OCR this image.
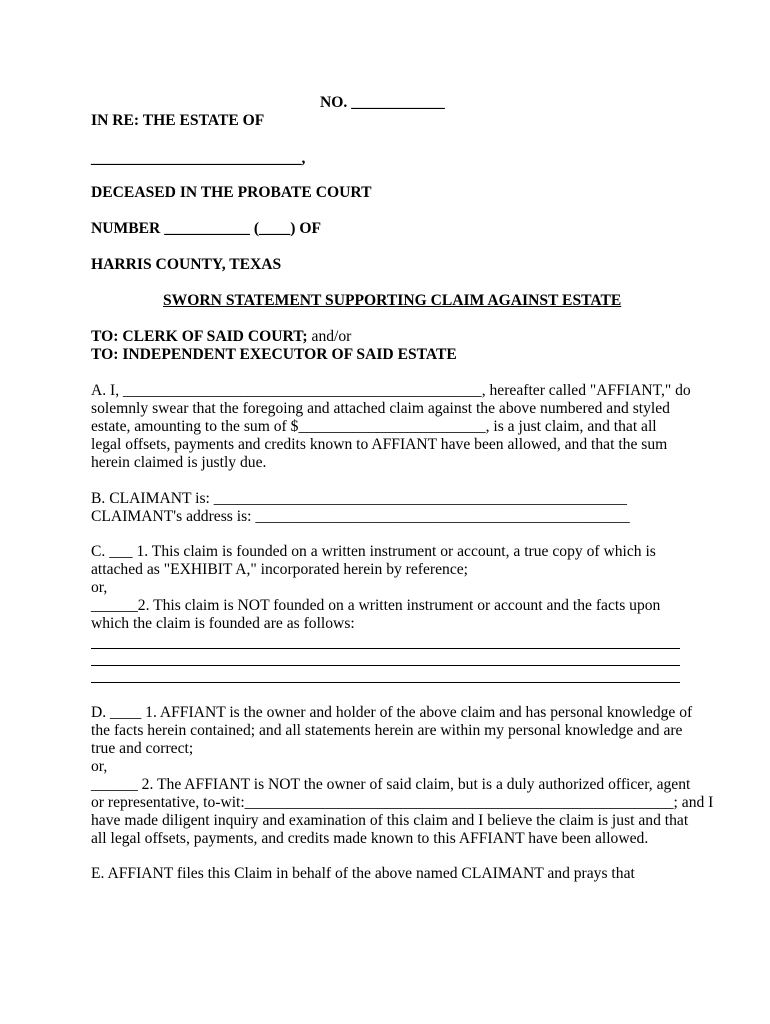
NO. ____________
IN RE: THE ESTATE OF
___________________________,
DECEASED IN THE PROBATE COURT
NUMBER ___________ (____) OF
HARRIS COUNTY, TEXAS
SWORN STATEMENT SUPPORTING CLAIM AGAINST ESTATE
TO: CLERK OF SAID COURT; and/or
TO: INDEPENDENT EXECUTOR OF SAID ESTATE
A. I, ______________________________________________, hereafter called "AFFIANT," do
solemnly swear that the foregoing and attached claim against the above numbered and styled
estate, amounting to the sum of $________________________, is a just claim, and that all
legal offsets, payments and credits known to AFFIANT have been allowed, and that the sum
herein claimed is justly due.
B. CLAIMANT is: _____________________________________________________
CLAIMANT's address is: ________________________________________________
C. ___ 1. This claim is founded on a written instrument or account, a true copy of which is
attached as "EXHIBIT A," incorporated herein by reference;
or,
______2. This claim is NOT founded on a written instrument or account and the facts upon
which the claim is founded are as follows:
D. ____ 1. AFFIANT is the owner and holder of the above claim and has personal knowledge of
the facts herein contained; and all statements herein are within my personal knowledge and are
true and correct;
or,
______ 2. The AFFIANT is NOT the owner of said claim, but is a duly authorized officer, agent
or representative, to-wit:_______________________________________________________; and I
have made diligent inquiry and examination of this claim and I believe the claim is just and that
all legal offsets, payments, and credits made known to this AFFIANT have been allowed.
E. AFFIANT files this Claim in behalf of the above named CLAIMANT and prays that
